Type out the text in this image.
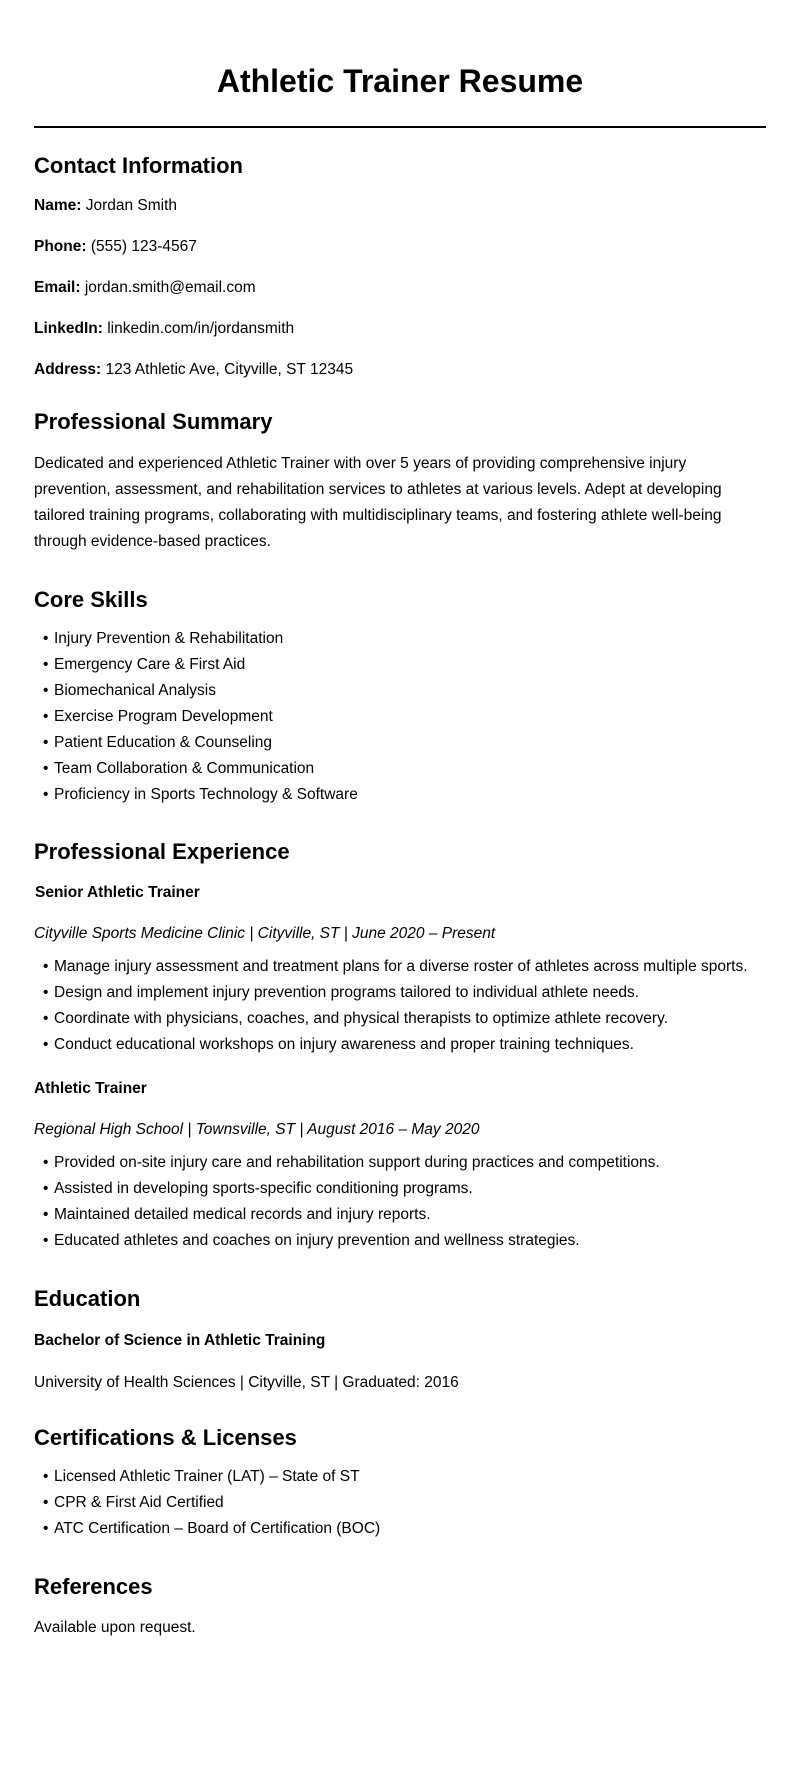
Athletic Trainer Resume
Contact Information

Name: Jordan Smith

Phone: (555) 123-4567

Email: jordan.smith@email.com

LinkedIn: linkedin.com/in/jordansmith

Address: 123 Athletic Ave, Cityville, ST 12345

Professional Summary

Dedicated and experienced Athletic Trainer with over 5 years of providing comprehensive injury prevention, assessment, and rehabilitation services to athletes at various levels. Adept at developing tailored training programs, collaborating with multidisciplinary teams, and fostering athlete well-being through evidence-based practices.

Core Skills
• Injury Prevention & Rehabilitation
• Emergency Care & First Aid
• Biomechanical Analysis
• Exercise Program Development
• Patient Education & Counseling
• Team Collaboration & Communication
• Proficiency in Sports Technology & Software
Professional Experience
Senior Athletic Trainer

Cityville Sports Medicine Clinic | Cityville, ST | June 2020 – Present

• Manage injury assessment and treatment plans for a diverse roster of athletes across multiple sports.
• Design and implement injury prevention programs tailored to individual athlete needs.
• Coordinate with physicians, coaches, and physical therapists to optimize athlete recovery.
• Conduct educational workshops on injury awareness and proper training techniques.
Athletic Trainer

Regional High School | Townsville, ST | August 2016 – May 2020

• Provided on-site injury care and rehabilitation support during practices and competitions.
• Assisted in developing sports-specific conditioning programs.
• Maintained detailed medical records and injury reports.
• Educated athletes and coaches on injury prevention and wellness strategies.
Education
Bachelor of Science in Athletic Training

University of Health Sciences | Cityville, ST | Graduated: 2016

Certifications & Licenses
• Licensed Athletic Trainer (LAT) – State of ST
• CPR & First Aid Certified
• ATC Certification – Board of Certification (BOC)
References

Available upon request.
